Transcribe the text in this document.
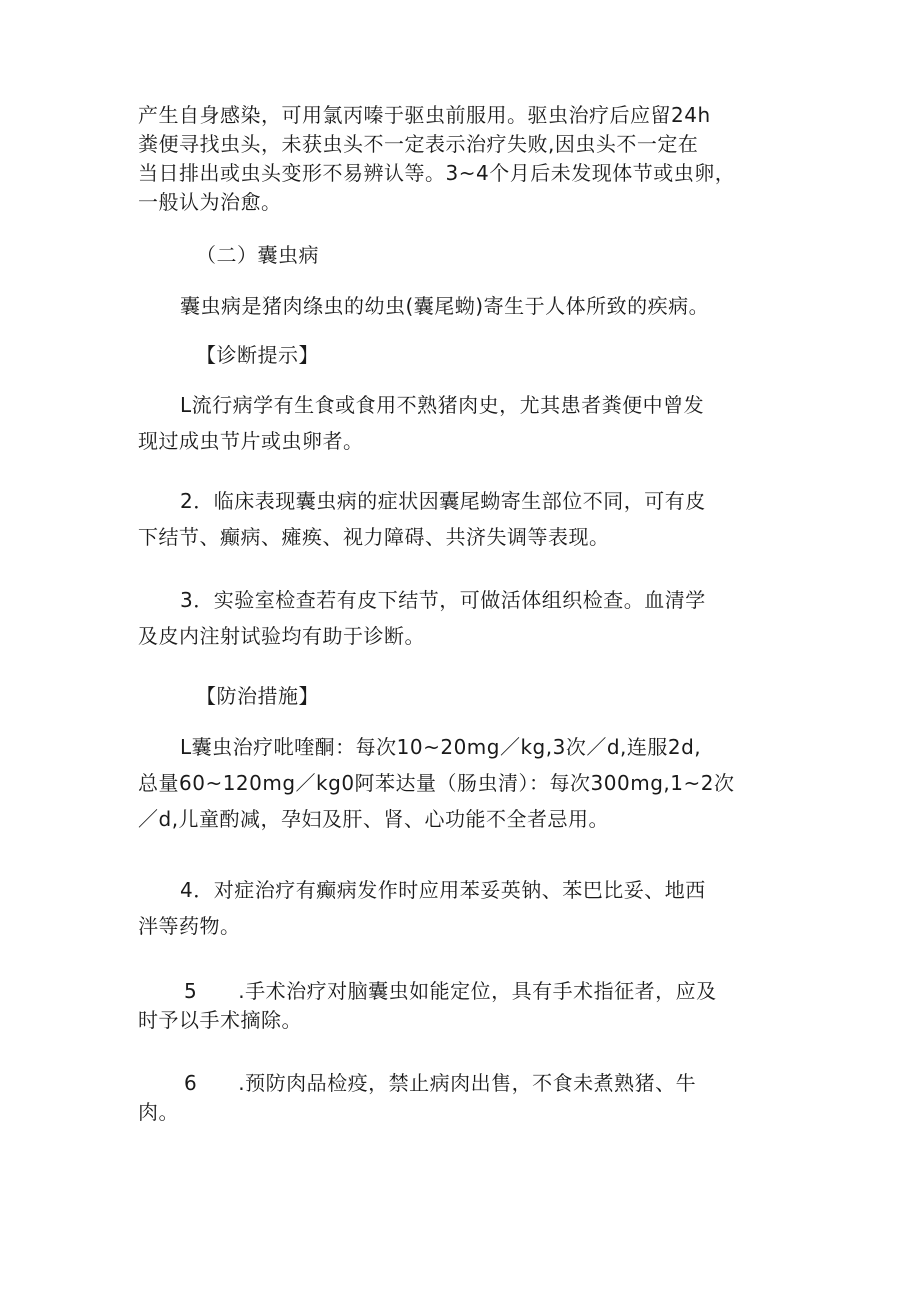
产生自身感染，可用氯丙嗪于驱虫前服用。驱虫治疗后应留24h
粪便寻找虫头，未获虫头不一定表示治疗失败,因虫头不一定在
当日排出或虫头变形不易辨认等。3~4个月后未发现体节或虫卵，
一般认为治愈。
（二）囊虫病
囊虫病是猪肉绦虫的幼虫(囊尾蚴)寄生于人体所致的疾病。
【诊断提示】
L流行病学有生食或食用不熟猪肉史，尤其患者粪便中曾发
现过成虫节片或虫卵者。
2．临床表现囊虫病的症状因囊尾蚴寄生部位不同，可有皮
下结节、癫病、瘫痪、视力障碍、共济失调等表现。
3．实验室检查若有皮下结节，可做活体组织检查。血清学
及皮内注射试验均有助于诊断。
【防治措施】
L囊虫治疗吡喹酮：每次10~20mg／kg,3次／d,连服2d,
总量60~120mg／kg0阿苯达量（肠虫清）：每次300mg,1~2次
／d,儿童酌减，孕妇及肝、肾、心功能不全者忌用。
4．对症治疗有癫病发作时应用苯妥英钠、苯巴比妥、地西
泮等药物。
5　　.手术治疗对脑囊虫如能定位，具有手术指征者，应及
时予以手术摘除。
6　　.预防肉品检疫，禁止病肉出售，不食未煮熟猪、牛
肉。
